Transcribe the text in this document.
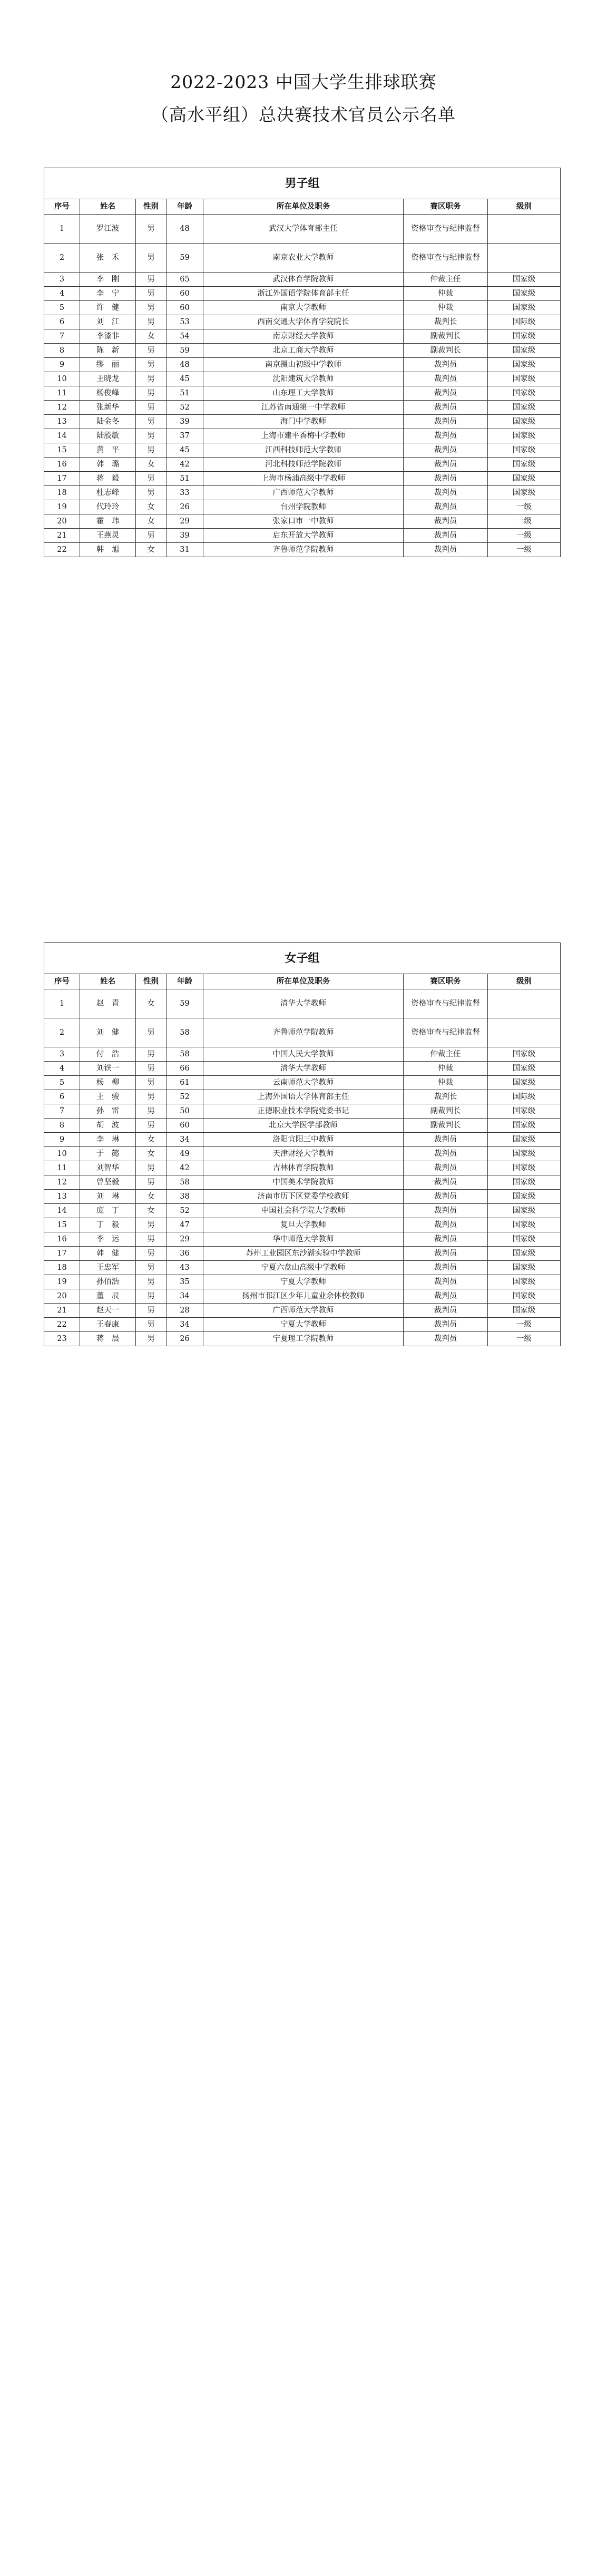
2022-2023 中国大学生排球联赛
（高水平组）总决赛技术官员公示名单
男子组						
序号	姓名	性别	年龄	所在单位及职务	赛区职务	级别
1	罗江波	男	48	武汉大学体育部主任	资格审查与纪律监督	
2	张　禾	男	59	南京农业大学教师	资格审查与纪律监督	
3	李　刚	男	65	武汉体育学院教师	仲裁主任	国家级
4	李　宁	男	60	浙江外国语学院体育部主任	仲裁	国家级
5	许　健	男	60	南京大学教师	仲裁	国家级
6	刘　江	男	53	西南交通大学体育学院院长	裁判长	国际级
7	李漆非	女	54	南京财经大学教师	副裁判长	国家级
8	陈　新	男	59	北京工商大学教师	副裁判长	国家级
9	缪　丽	男	48	南京摄山初级中学教师	裁判员	国家级
10	王晓龙	男	45	沈阳建筑大学教师	裁判员	国家级
11	杨俊峰	男	51	山东理工大学教师	裁判员	国家级
12	张新华	男	52	江苏省南通第一中学教师	裁判员	国家级
13	陆金冬	男	39	海门中学教师	裁判员	国家级
14	陆殷敏	男	37	上海市建平香梅中学教师	裁判员	国家级
15	黄　平	男	45	江西科技师范大学教师	裁判员	国家级
16	韩　璐	女	42	河北科技师范学院教师	裁判员	国家级
17	蒋　毅	男	51	上海市杨浦高级中学教师	裁判员	国家级
18	杜志峰	男	33	广西师范大学教师	裁判员	国家级
19	代玲玲	女	26	台州学院教师	裁判员	一级
20	霍　玮	女	29	张家口市一中教师	裁判员	一级
21	王燕灵	男	39	启东开放大学教师	裁判员	一级
22	韩　旭	女	31	齐鲁师范学院教师	裁判员	一级
女子组						
序号	姓名	性别	年龄	所在单位及职务	赛区职务	级别
1	赵　青	女	59	清华大学教师	资格审查与纪律监督	
2	刘　健	男	58	齐鲁师范学院教师	资格审查与纪律监督	
3	付　浩	男	58	中国人民大学教师	仲裁主任	国家级
4	刘铁一	男	66	清华大学教师	仲裁	国家级
5	杨　柳	男	61	云南师范大学教师	仲裁	国家级
6	王　骏	男	52	上海外国语大学体育部主任	裁判长	国际级
7	孙　雷	男	50	正德职业技术学院党委书记	副裁判长	国家级
8	胡　波	男	60	北京大学医学部教师	副裁判长	国家级
9	李　琳	女	34	洛阳宜阳三中教师	裁判员	国家级
10	于　懿	女	49	天津财经大学教师	裁判员	国家级
11	刘智华	男	42	吉林体育学院教师	裁判员	国家级
12	曾坚毅	男	58	中国美术学院教师	裁判员	国家级
13	刘　琳	女	38	济南市历下区党委学校教师	裁判员	国家级
14	庞　丁	女	52	中国社会科学院大学教师	裁判员	国家级
15	丁　毅	男	47	复旦大学教师	裁判员	国家级
16	李　运	男	29	华中师范大学教师	裁判员	国家级
17	韩　健	男	36	苏州工业园区东沙湖实验中学教师	裁判员	国家级
18	王忠军	男	43	宁夏六盘山高级中学教师	裁判员	国家级
19	孙佰浩	男	35	宁夏大学教师	裁判员	国家级
20	董　辰	男	34	扬州市邗江区少年儿童业余体校教师	裁判员	国家级
21	赵天一	男	28	广西师范大学教师	裁判员	国家级
22	王春康	男	34	宁夏大学教师	裁判员	一级
23	蒋　晨	男	26	宁夏理工学院教师	裁判员	一级
